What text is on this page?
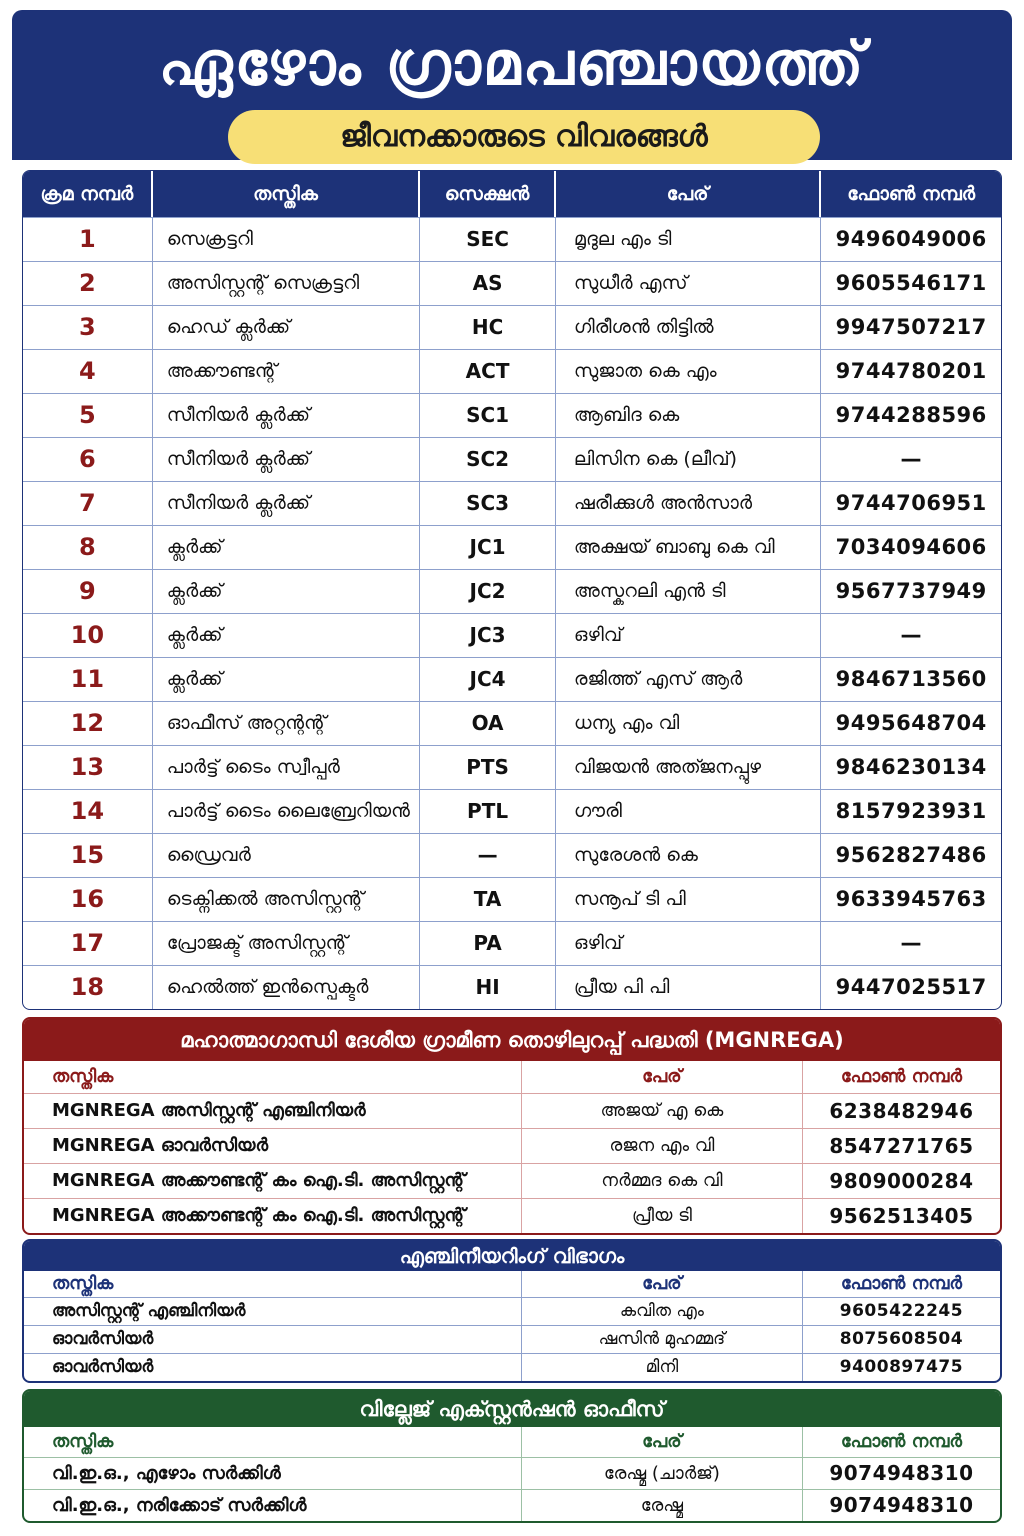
ഏഴോം ഗ്രാമപഞ്ചായത്ത്
ജീവനക്കാരുടെ വിവരങ്ങൾ
ക്രമ നമ്പർ	തസ്തിക	സെക്ഷൻ	പേര്	ഫോൺ നമ്പർ
1	സെക്രട്ടറി	SEC	മൃദുല എം ടി	9496049006
2	അസിസ്റ്റന്റ് സെക്രട്ടറി	AS	സുധീർ എസ്	9605546171
3	ഹെഡ് ക്ലർക്ക്	HC	ഗിരീശൻ തിട്ടിൽ	9947507217
4	അക്കൗണ്ടന്റ്	ACT	സുജാത കെ എം	9744780201
5	സീനിയർ ക്ലർക്ക്	SC1	ആബിദ കെ	9744288596
6	സീനിയർ ക്ലർക്ക്	SC2	ലിസിന കെ (ലീവ്)	—
7	സീനിയർ ക്ലർക്ക്	SC3	ഷരീക്കുൾ അൻസാർ	9744706951
8	ക്ലർക്ക്	JC1	അക്ഷയ് ബാബു കെ വി	7034094606
9	ക്ലർക്ക്	JC2	അസ്കറലി എൻ ടി	9567737949
10	ക്ലർക്ക്	JC3	ഒഴിവ്	—
11	ക്ലർക്ക്	JC4	രജിത്ത് എസ് ആർ	9846713560
12	ഓഫീസ് അറ്റന്റന്റ്	OA	ധന്യ എം വി	9495648704
13	പാർട്ട് ടൈം സ്വീപ്പർ	PTS	വിജയൻ അത്ജനപ്പുഴ	9846230134
14	പാർട്ട് ടൈം ലൈബ്രേറിയൻ	PTL	ഗൗരി	8157923931
15	ഡ്രൈവർ	—	സുരേശൻ കെ	9562827486
16	ടെക്നിക്കൽ അസിസ്റ്റന്റ്	TA	സനൂപ് ടി പി	9633945763
17	പ്രോജക്ട് അസിസ്റ്റന്റ്	PA	ഒഴിവ്	—
18	ഹെൽത്ത് ഇൻസ്പെക്ടർ	HI	പ്രീയ പി പി	9447025517
മഹാത്മാഗാന്ധി ദേശീയ ഗ്രാമീണ തൊഴിലുറപ്പ് പദ്ധതി (MGNREGA)
തസ്തിക	പേര്	ഫോൺ നമ്പർ
MGNREGA അസിസ്റ്റന്റ് എഞ്ചിനിയർ	അജയ് എ കെ	6238482946
MGNREGA ഓവർസിയർ	രജന എം വി	8547271765
MGNREGA അക്കൗണ്ടന്റ് കം ഐ.ടി. അസിസ്റ്റന്റ്	നർമ്മദ കെ വി	9809000284
MGNREGA അക്കൗണ്ടന്റ് കം ഐ.ടി. അസിസ്റ്റന്റ്	പ്രീയ ടി	9562513405
എഞ്ചിനീയറിംഗ് വിഭാഗം
തസ്തിക	പേര്	ഫോൺ നമ്പർ
അസിസ്റ്റന്റ് എഞ്ചിനിയർ	കവിത എം	9605422245
ഓവർസിയർ	ഷസിൻ മുഹമ്മദ്	8075608504
ഓവർസിയർ	മിനി	9400897475
വില്ലേജ് എക്സ്റ്റൻഷൻ ഓഫീസ്
തസ്തിക	പേര്	ഫോൺ നമ്പർ
വി.ഇ.ഒ., എഴോം സർക്കിൾ	രേഷ്മ (ചാർജ്)	9074948310
വി.ഇ.ഒ., നരിക്കോട് സർക്കിൾ	രേഷ്മ	9074948310
